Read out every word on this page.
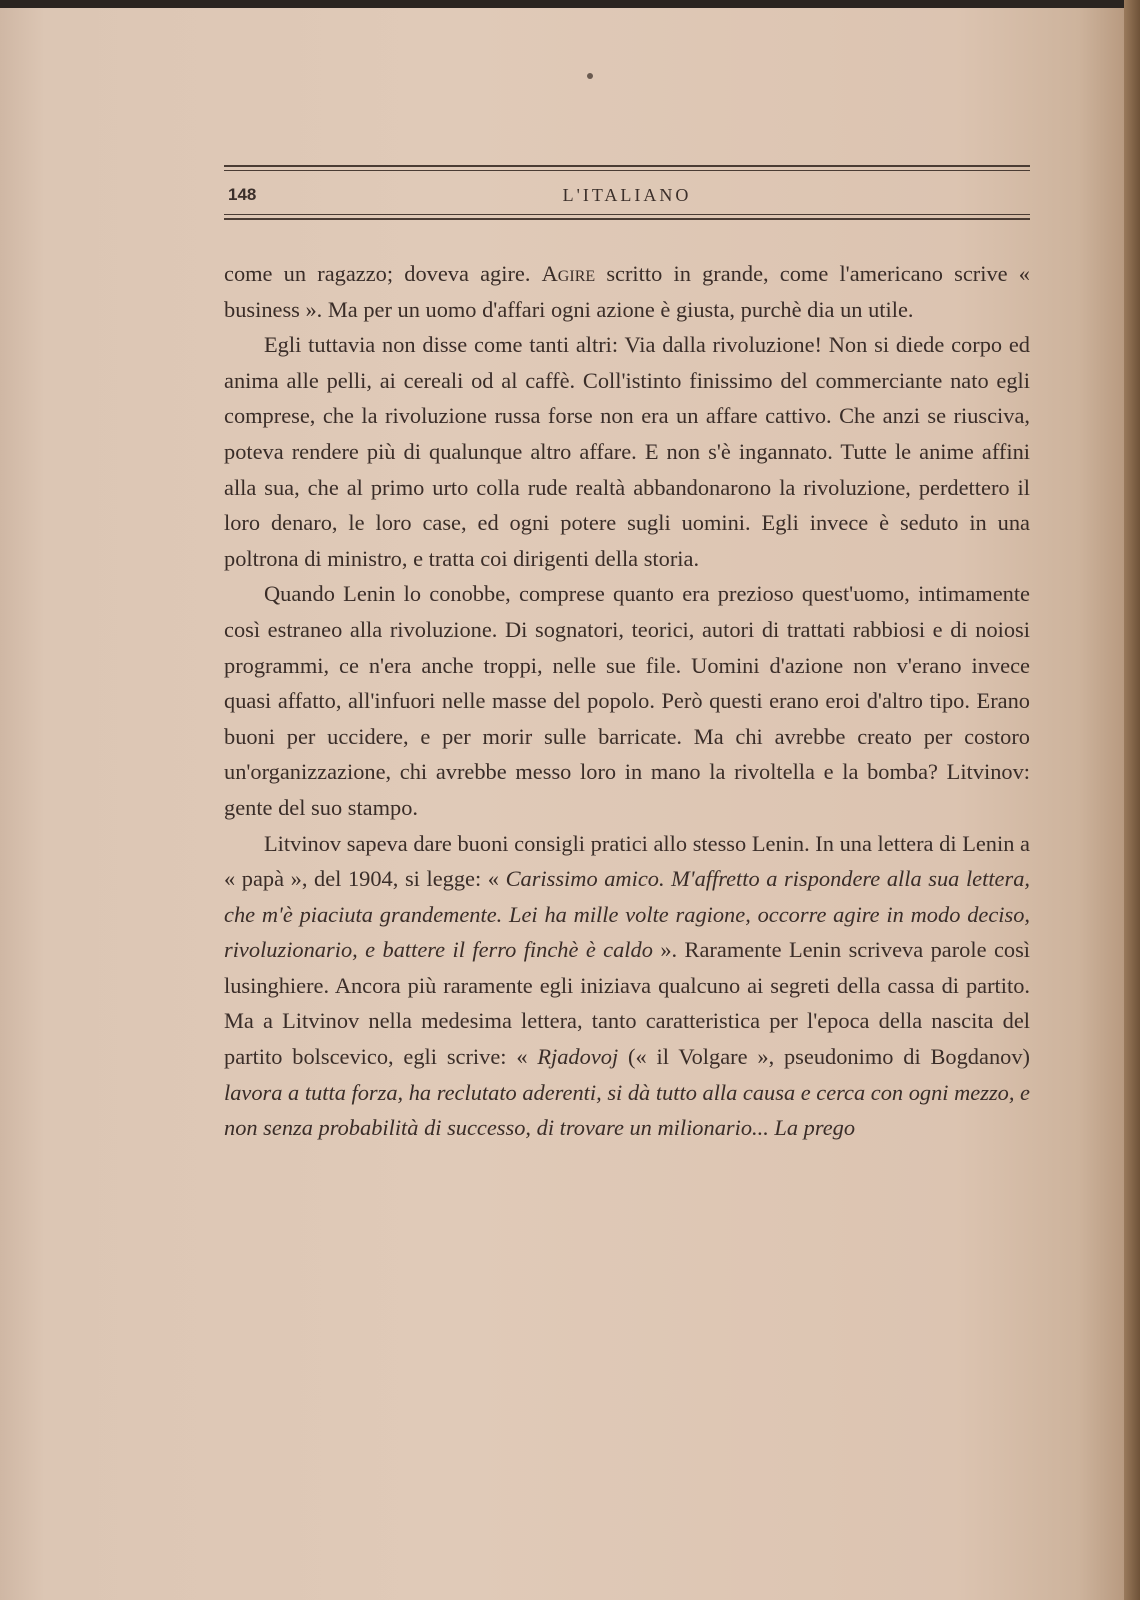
148	L'ITALIANO

come un ragazzo; doveva agire. Agire scritto in grande, come l'americano scrive « business ». Ma per un uomo d'affari ogni azione è giusta, purchè dia un utile.

Egli tuttavia non disse come tanti altri: Via dalla rivoluzione! Non si diede corpo ed anima alle pelli, ai cereali od al caffè. Coll'istinto finissimo del commerciante nato egli comprese, che la rivoluzione russa forse non era un affare cattivo. Che anzi se riusciva, poteva rendere più di qualunque altro affare. E non s'è ingannato. Tutte le anime affini alla sua, che al primo urto colla rude realtà abbandonarono la rivoluzione, perdettero il loro denaro, le loro case, ed ogni potere sugli uomini. Egli invece è seduto in una poltrona di ministro, e tratta coi dirigenti della storia.

Quando Lenin lo conobbe, comprese quanto era prezioso quest'uomo, intimamente così estraneo alla rivoluzione. Di sognatori, teorici, autori di trattati rabbiosi e di noiosi programmi, ce n'era anche troppi, nelle sue file. Uomini d'azione non v'erano invece quasi affatto, all'infuori nelle masse del popolo. Però questi erano eroi d'altro tipo. Erano buoni per uccidere, e per morir sulle barricate. Ma chi avrebbe creato per costoro un'organizzazione, chi avrebbe messo loro in mano la rivoltella e la bomba? Litvinov: gente del suo stampo.

Litvinov sapeva dare buoni consigli pratici allo stesso Lenin. In una lettera di Lenin a « papà », del 1904, si legge: « Carissimo amico. M'affretto a rispondere alla sua lettera, che m'è piaciuta grandemente. Lei ha mille volte ragione, occorre agire in modo deciso, rivoluzionario, e battere il ferro finchè è caldo ». Raramente Lenin scriveva parole così lusinghiere. Ancora più raramente egli iniziava qualcuno ai segreti della cassa di partito. Ma a Litvinov nella medesima lettera, tanto caratteristica per l'epoca della nascita del partito bolscevico, egli scrive: « Rjadovoj (« il Volgare », pseudonimo di Bogdanov) lavora a tutta forza, ha reclutato aderenti, si dà tutto alla causa e cerca con ogni mezzo, e non senza probabilità di successo, di trovare un milionario... La prego
